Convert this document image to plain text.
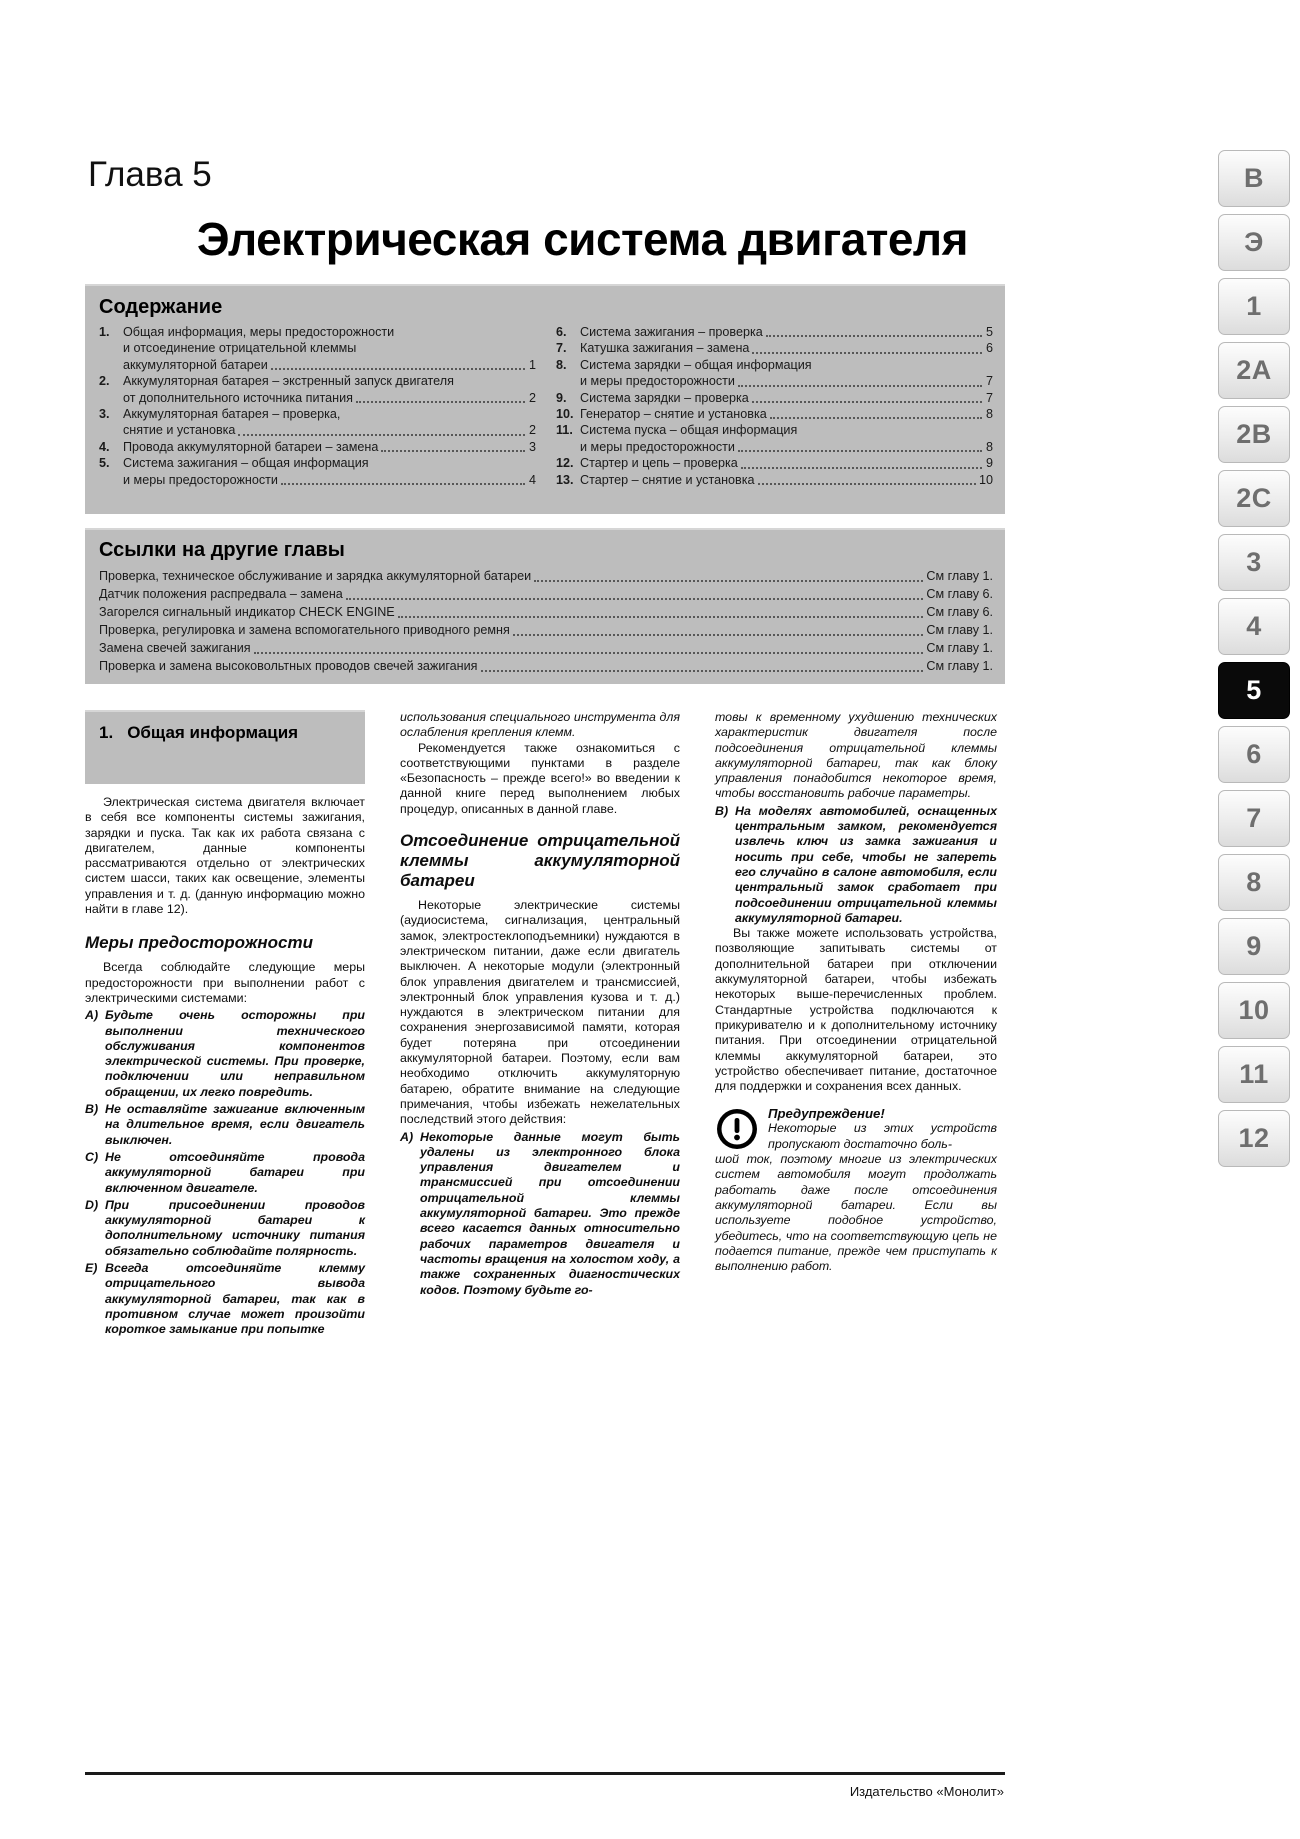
B
Э
1
2A
2B
2C
3
4
5
6
7
8
9
10
11
12
Глава 5
Электрическая система двигателя
Содержание
1.	Общая информация, меры предосторожности
и отсоединение отрицательной клеммы
аккумуляторной батареи	1
2.	Аккумуляторная батарея – экстренный запуск двигателя
от дополнительного источника питания	2
3.	Аккумуляторная батарея – проверка,
снятие и установка	2
4.	Провода аккумуляторной батареи – замена	3
5.	Система зажигания – общая информация
и меры предосторожности	4
6.	Система зажигания – проверка	5
7.	Катушка зажигания – замена	6
8.	Система зарядки – общая информация
и меры предосторожности	7
9.	Система зарядки – проверка	7
10. Генератор – снятие и установка	8
11. Система пуска – общая информация
и меры предосторожности	8
12. Стартер и цепь – проверка	9
13. Стартер – снятие и установка	10
Ссылки на другие главы
Проверка, техническое обслуживание и зарядка аккумуляторной батареи	См главу 1.
Датчик положения распредвала – замена	См главу 6.
Загорелся сигнальный индикатор CHECK ENGINE	См главу 6.
Проверка, регулировка и замена вспомогательного приводного ремня	См главу 1.
Замена свечей зажигания	См главу 1.
Проверка и замена высоковольтных проводов свечей зажигания	См главу 1.
1. Общая информация

Электрическая система двигателя включает в себя все компоненты системы зажигания, зарядки и пуска. Так как их работа связана с двигателем, данные компоненты рассматриваются отдельно от электрических систем шасси, таких как освещение, элементы управления и т. д. (данную информацию можно найти в главе 12).

Меры предосторожности

Всегда соблюдайте следующие меры предосторожности при выполнении работ с электрическими системами:

A) Будьте очень осторожны при выполнении технического обслуживания компонентов электрической системы. При проверке, подключении или неправильном обращении, их легко повредить.
B) Не оставляйте зажигание включенным на длительное время, если двигатель выключен.
C) Не отсоединяйте провода аккумуляторной батареи при включенном двигателе.
D) При присоединении проводов аккумуляторной батареи к дополнительному источнику питания обязательно соблюдайте полярность.
E) Всегда отсоединяйте клемму отрицательного вывода аккумуляторной батареи, так как в противном случае может произойти короткое замыкание при попытке

использования специального инструмента для ослабления крепления клемм.

Рекомендуется также ознакомиться с соответствующими пунктами в разделе «Безопасность – прежде всего!» во введении к данной книге перед выполнением любых процедур, описанных в данной главе.

Отсоединение отрицательной клеммы аккумуляторной батареи

Некоторые электрические системы (аудиосистема, сигнализация, центральный замок, электростеклоподъемники) нуждаются в электрическом питании, даже если двигатель выключен. А некоторые модули (электронный блок управления двигателем и трансмиссией, электронный блок управления кузова и т. д.) нуждаются в электрическом питании для сохранения энергозависимой памяти, которая будет потеряна при отсоединении аккумуляторной батареи. Поэтому, если вам необходимо отключить аккумуляторную батарею, обратите внимание на следующие примечания, чтобы избежать нежелательных последствий этого действия:

A) Некоторые данные могут быть удалены из электронного блока управления двигателем и трансмиссией при отсоединении отрицательной клеммы аккумуляторной батареи. Это прежде всего касается данных относительно рабочих параметров двигателя и частоты вращения на холостом ходу, а также сохраненных диагностических кодов. Поэтому будьте го-

товы к временному ухудшению технических характеристик двигателя после подсоединения отрицательной клеммы аккумуляторной батареи, так как блоку управления понадобится некоторое время, чтобы восстановить рабочие параметры.

B) На моделях автомобилей, оснащенных центральным замком, рекомендуется извлечь ключ из замка зажигания и носить при себе, чтобы не запереть его случайно в салоне автомобиля, если центральный замок сработает при подсоединении отрицательной клеммы аккумуляторной батареи.

Вы также можете использовать устройства, позволяющие запитывать системы от дополнительной батареи при отключении аккумуляторной батареи, чтобы избежать некоторых выше-перечисленных проблем. Стандартные устройства подключаются к прикуривателю и к дополнительному источнику питания. При отсоединении отрицательной клеммы аккумуляторной батареи, это устройство обеспечивает питание, достаточное для поддержки и сохранения всех данных.

Предупреждение!
Некоторые из этих устройств пропускают достаточно боль-
шой ток, поэтому многие из электрических систем автомобиля могут продолжать работать даже после отсоединения аккумуляторной батареи. Если вы используете подобное устройство, убедитесь, что на соответствующую цепь не подается питание, прежде чем приступать к выполнению работ.
Издательство «Монолит»
